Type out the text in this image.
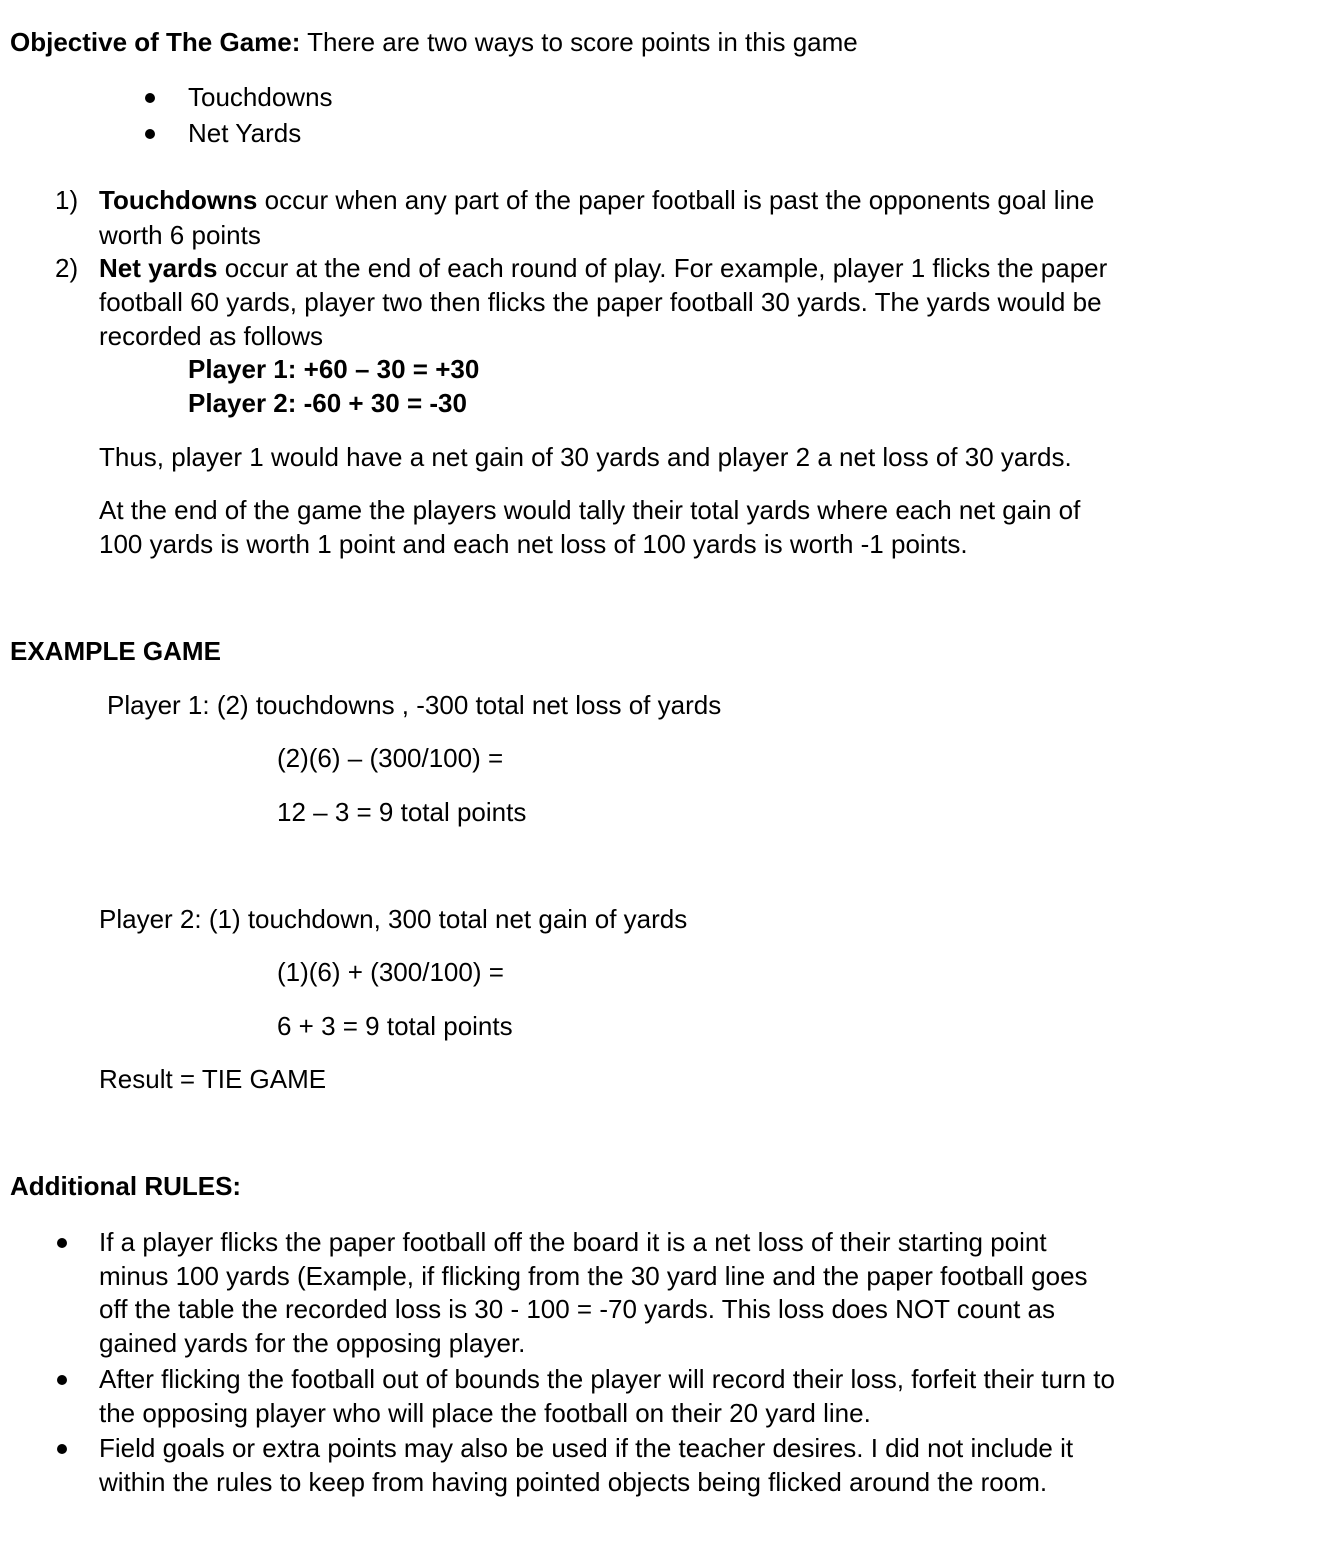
Objective of The Game: There are two ways to score points in this game
Touchdowns
Net Yards
1) Touchdowns occur when any part of the paper football is past the opponents goal line
worth 6 points
2) Net yards occur at the end of each round of play. For example, player 1 flicks the paper
football 60 yards, player two then flicks the paper football 30 yards. The yards would be
recorded as follows
Player 1: +60 – 30 = +30
Player 2: -60 + 30 = -30
Thus, player 1 would have a net gain of 30 yards and player 2 a net loss of 30 yards.
At the end of the game the players would tally their total yards where each net gain of
100 yards is worth 1 point and each net loss of 100 yards is worth -1 points.
EXAMPLE GAME
Player 1: (2) touchdowns , -300 total net loss of yards
(2)(6) – (300/100) =
12 – 3 = 9 total points
Player 2: (1) touchdown, 300 total net gain of yards
(1)(6) + (300/100) =
6 + 3 = 9 total points
Result = TIE GAME
Additional RULES:
If a player flicks the paper football off the board it is a net loss of their starting point
minus 100 yards (Example, if flicking from the 30 yard line and the paper football goes
off the table the recorded loss is 30 - 100 = -70 yards. This loss does NOT count as
gained yards for the opposing player.
After flicking the football out of bounds the player will record their loss, forfeit their turn to
the opposing player who will place the football on their 20 yard line.
Field goals or extra points may also be used if the teacher desires. I did not include it
within the rules to keep from having pointed objects being flicked around the room.
